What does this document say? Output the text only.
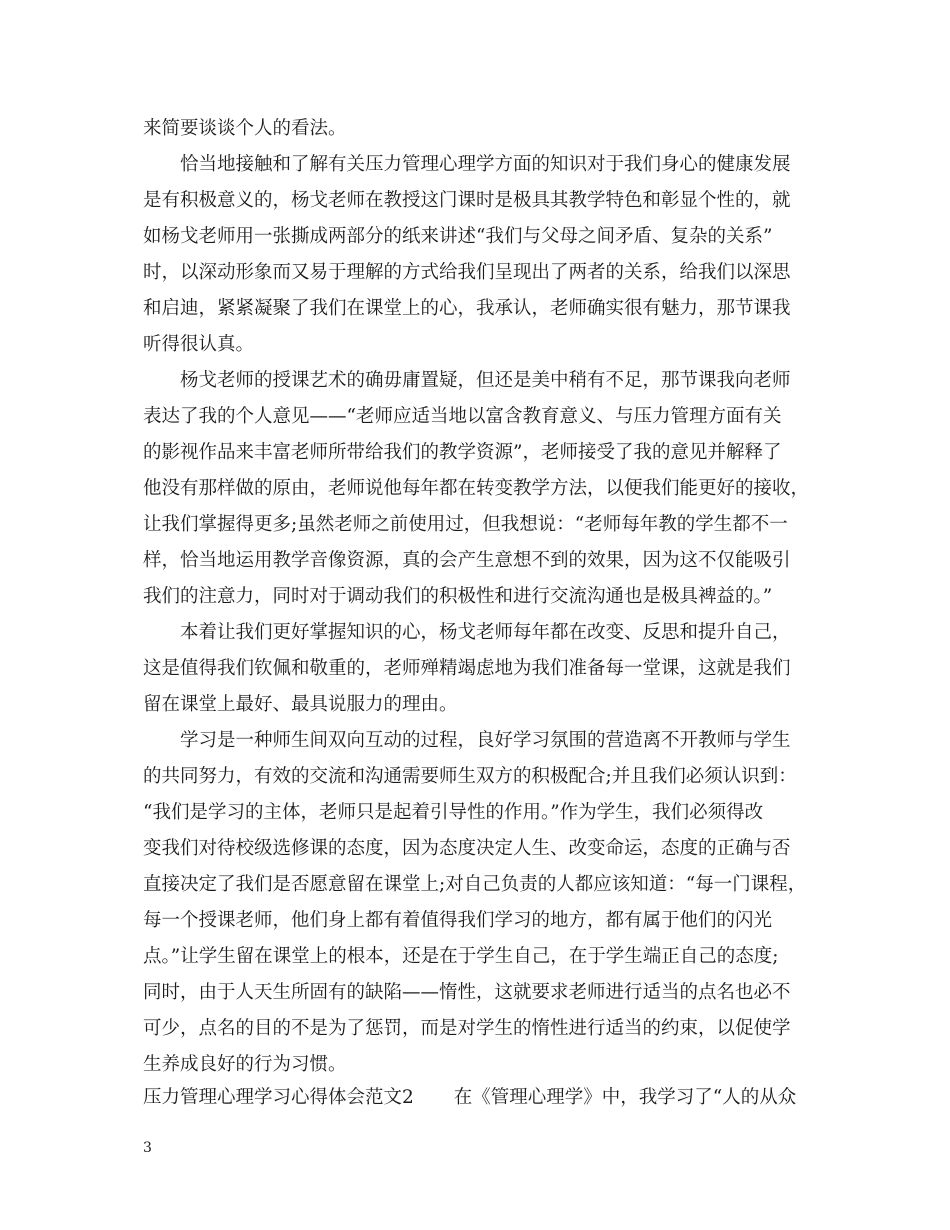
来简要谈谈个人的看法。
恰当地接触和了解有关压力管理心理学方面的知识对于我们身心的健康发展
是有积极意义的，杨戈老师在教授这门课时是极具其教学特色和彰显个性的，就
如杨戈老师用一张撕成两部分的纸来讲述“我们与父母之间矛盾、复杂的关系”
时，以深动形象而又易于理解的方式给我们呈现出了两者的关系，给我们以深思
和启迪，紧紧凝聚了我们在课堂上的心，我承认，老师确实很有魅力，那节课我
听得很认真。
杨戈老师的授课艺术的确毋庸置疑，但还是美中稍有不足，那节课我向老师
表达了我的个人意见——“老师应适当地以富含教育意义、与压力管理方面有关
的影视作品来丰富老师所带给我们的教学资源”，老师接受了我的意见并解释了
他没有那样做的原由，老师说他每年都在转变教学方法，以便我们能更好的接收，
让我们掌握得更多;虽然老师之前使用过，但我想说：“老师每年教的学生都不一
样，恰当地运用教学音像资源，真的会产生意想不到的效果，因为这不仅能吸引
我们的注意力，同时对于调动我们的积极性和进行交流沟通也是极具裨益的。”
本着让我们更好掌握知识的心，杨戈老师每年都在改变、反思和提升自己，
这是值得我们钦佩和敬重的，老师殚精竭虑地为我们准备每一堂课，这就是我们
留在课堂上最好、最具说服力的理由。
学习是一种师生间双向互动的过程，良好学习氛围的营造离不开教师与学生
的共同努力，有效的交流和沟通需要师生双方的积极配合;并且我们必须认识到：
“我们是学习的主体，老师只是起着引导性的作用。”作为学生，我们必须得改
变我们对待校级选修课的态度，因为态度决定人生、改变命运，态度的正确与否
直接决定了我们是否愿意留在课堂上;对自己负责的人都应该知道：“每一门课程，
每一个授课老师，他们身上都有着值得我们学习的地方，都有属于他们的闪光
点。”让学生留在课堂上的根本，还是在于学生自己，在于学生端正自己的态度;
同时，由于人天生所固有的缺陷——惰性，这就要求老师进行适当的点名也必不
可少，点名的目的不是为了惩罚，而是对学生的惰性进行适当的约束，以促使学
生养成良好的行为习惯。
压力管理心理学习心得体会范文2 在《管理心理学》中，我学习了“人的从众
3
